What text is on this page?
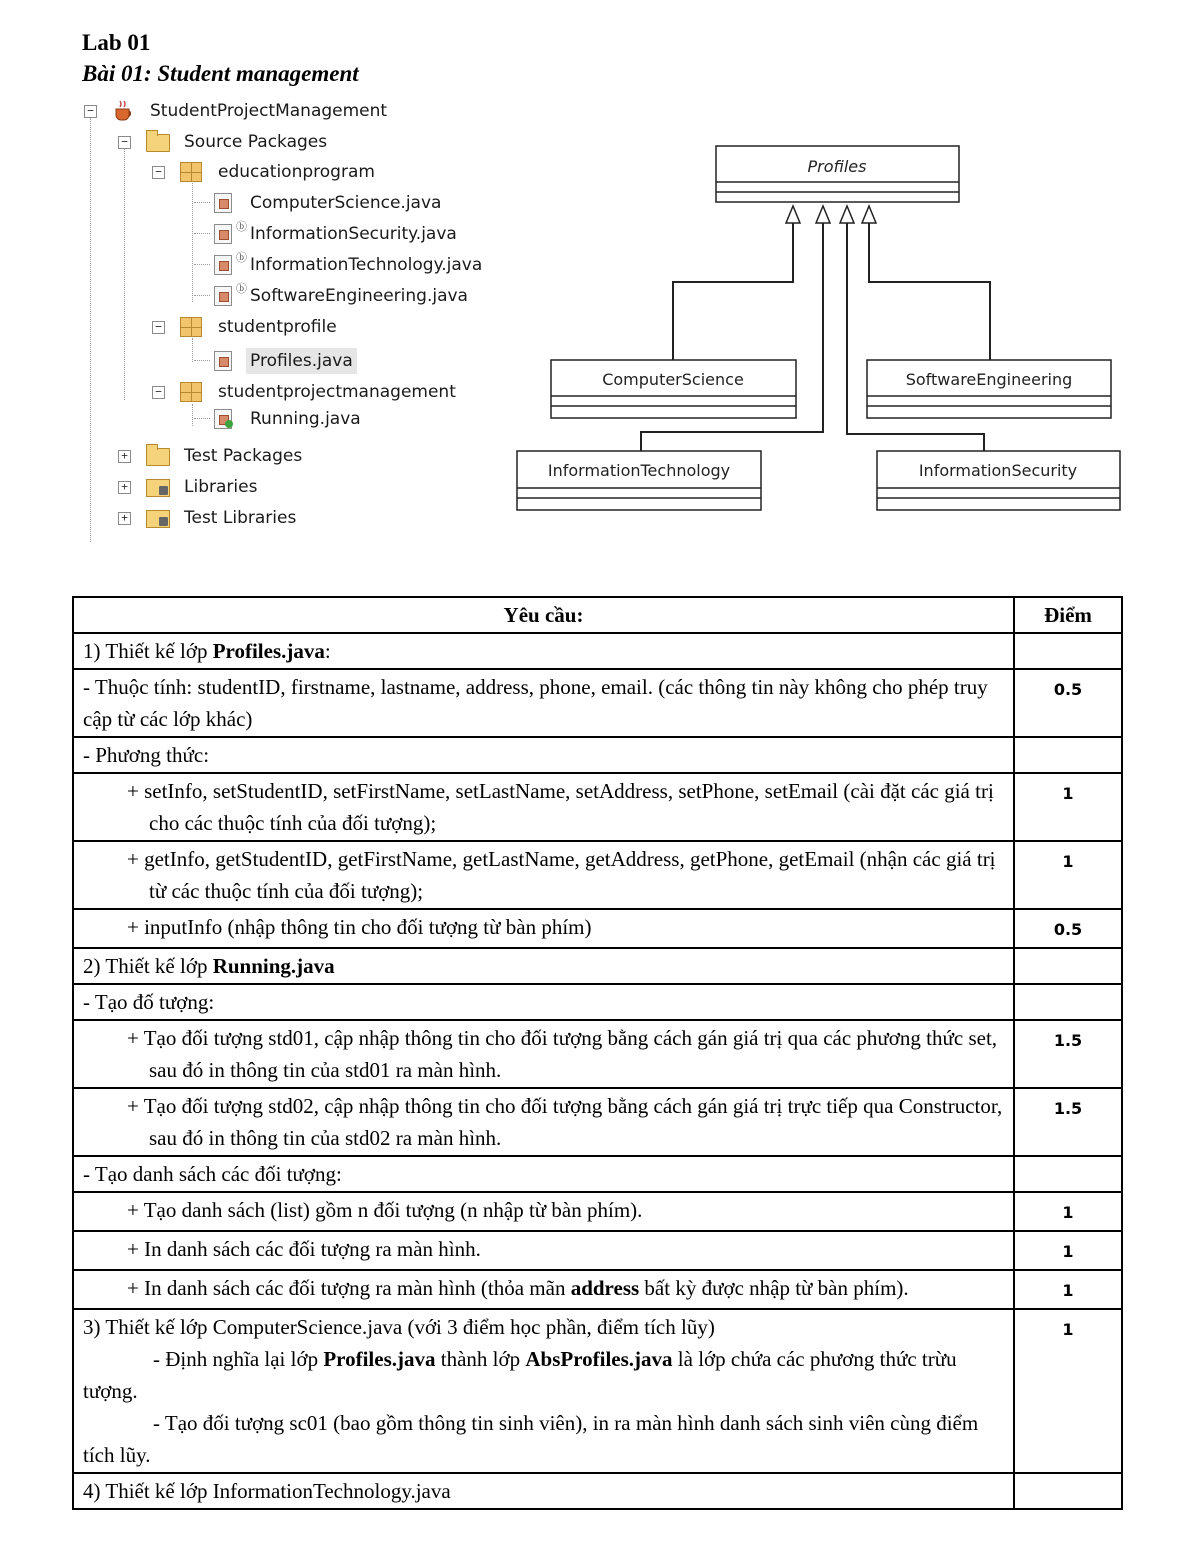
Lab 01
Bài 01: Student management
−	StudentProjectManagement
−	Source Packages
−	educationprogram
ComputerScience.java
ⓑ InformationSecurity.java
ⓑ InformationTechnology.java
ⓑ SoftwareEngineering.java
−	studentprofile
Profiles.java
−	studentprojectmanagement
Running.java
+	Test Packages
+	Libraries
+	Test Libraries
Profiles
ComputerScience	SoftwareEngineering
InformationTechnology	InformationSecurity
Yêu cầu:	Điểm
1) Thiết kế lớp Profiles.java:	
- Thuộc tính: studentID, firstname, lastname, address, phone, email. (các thông tin này không cho phép truy cập từ các lớp khác)	0.5
- Phương thức:	

+ setInfo, setStudentID, setFirstName, setLastName, setAddress, setPhone, setEmail (cài đặt các giá trị cho các thuộc tính của đối tượng);	1

+ getInfo, getStudentID, getFirstName, getLastName, getAddress, getPhone, getEmail (nhận các giá trị từ các thuộc tính của đối tượng);	1

+ inputInfo (nhập thông tin cho đối tượng từ bàn phím)	0.5
2) Thiết kế lớp Running.java	
- Tạo đố tượng:	

+ Tạo đối tượng std01, cập nhập thông tin cho đối tượng bằng cách gán giá trị qua các phương thức set, sau đó in thông tin của std01 ra màn hình.	1.5

+ Tạo đối tượng std02, cập nhập thông tin cho đối tượng bằng cách gán giá trị trực tiếp qua Constructor, sau đó in thông tin của std02 ra màn hình.	1.5
- Tạo danh sách các đối tượng:	

+ Tạo danh sách (list) gồm n đối tượng (n nhập từ bàn phím).	1

+ In danh sách các đối tượng ra màn hình.	1

+ In danh sách các đối tượng ra màn hình (thỏa mãn address bất kỳ được nhập từ bàn phím).	1

3) Thiết kế lớp ComputerScience.java (với 3 điểm học phần, điểm tích lũy)
- Định nghĩa lại lớp Profiles.java thành lớp AbsProfiles.java là lớp chứa các phương thức trừu tượng.
- Tạo đối tượng sc01 (bao gồm thông tin sinh viên), in ra màn hình danh sách sinh viên cùng điểm tích lũy.	1
4) Thiết kế lớp InformationTechnology.java	
